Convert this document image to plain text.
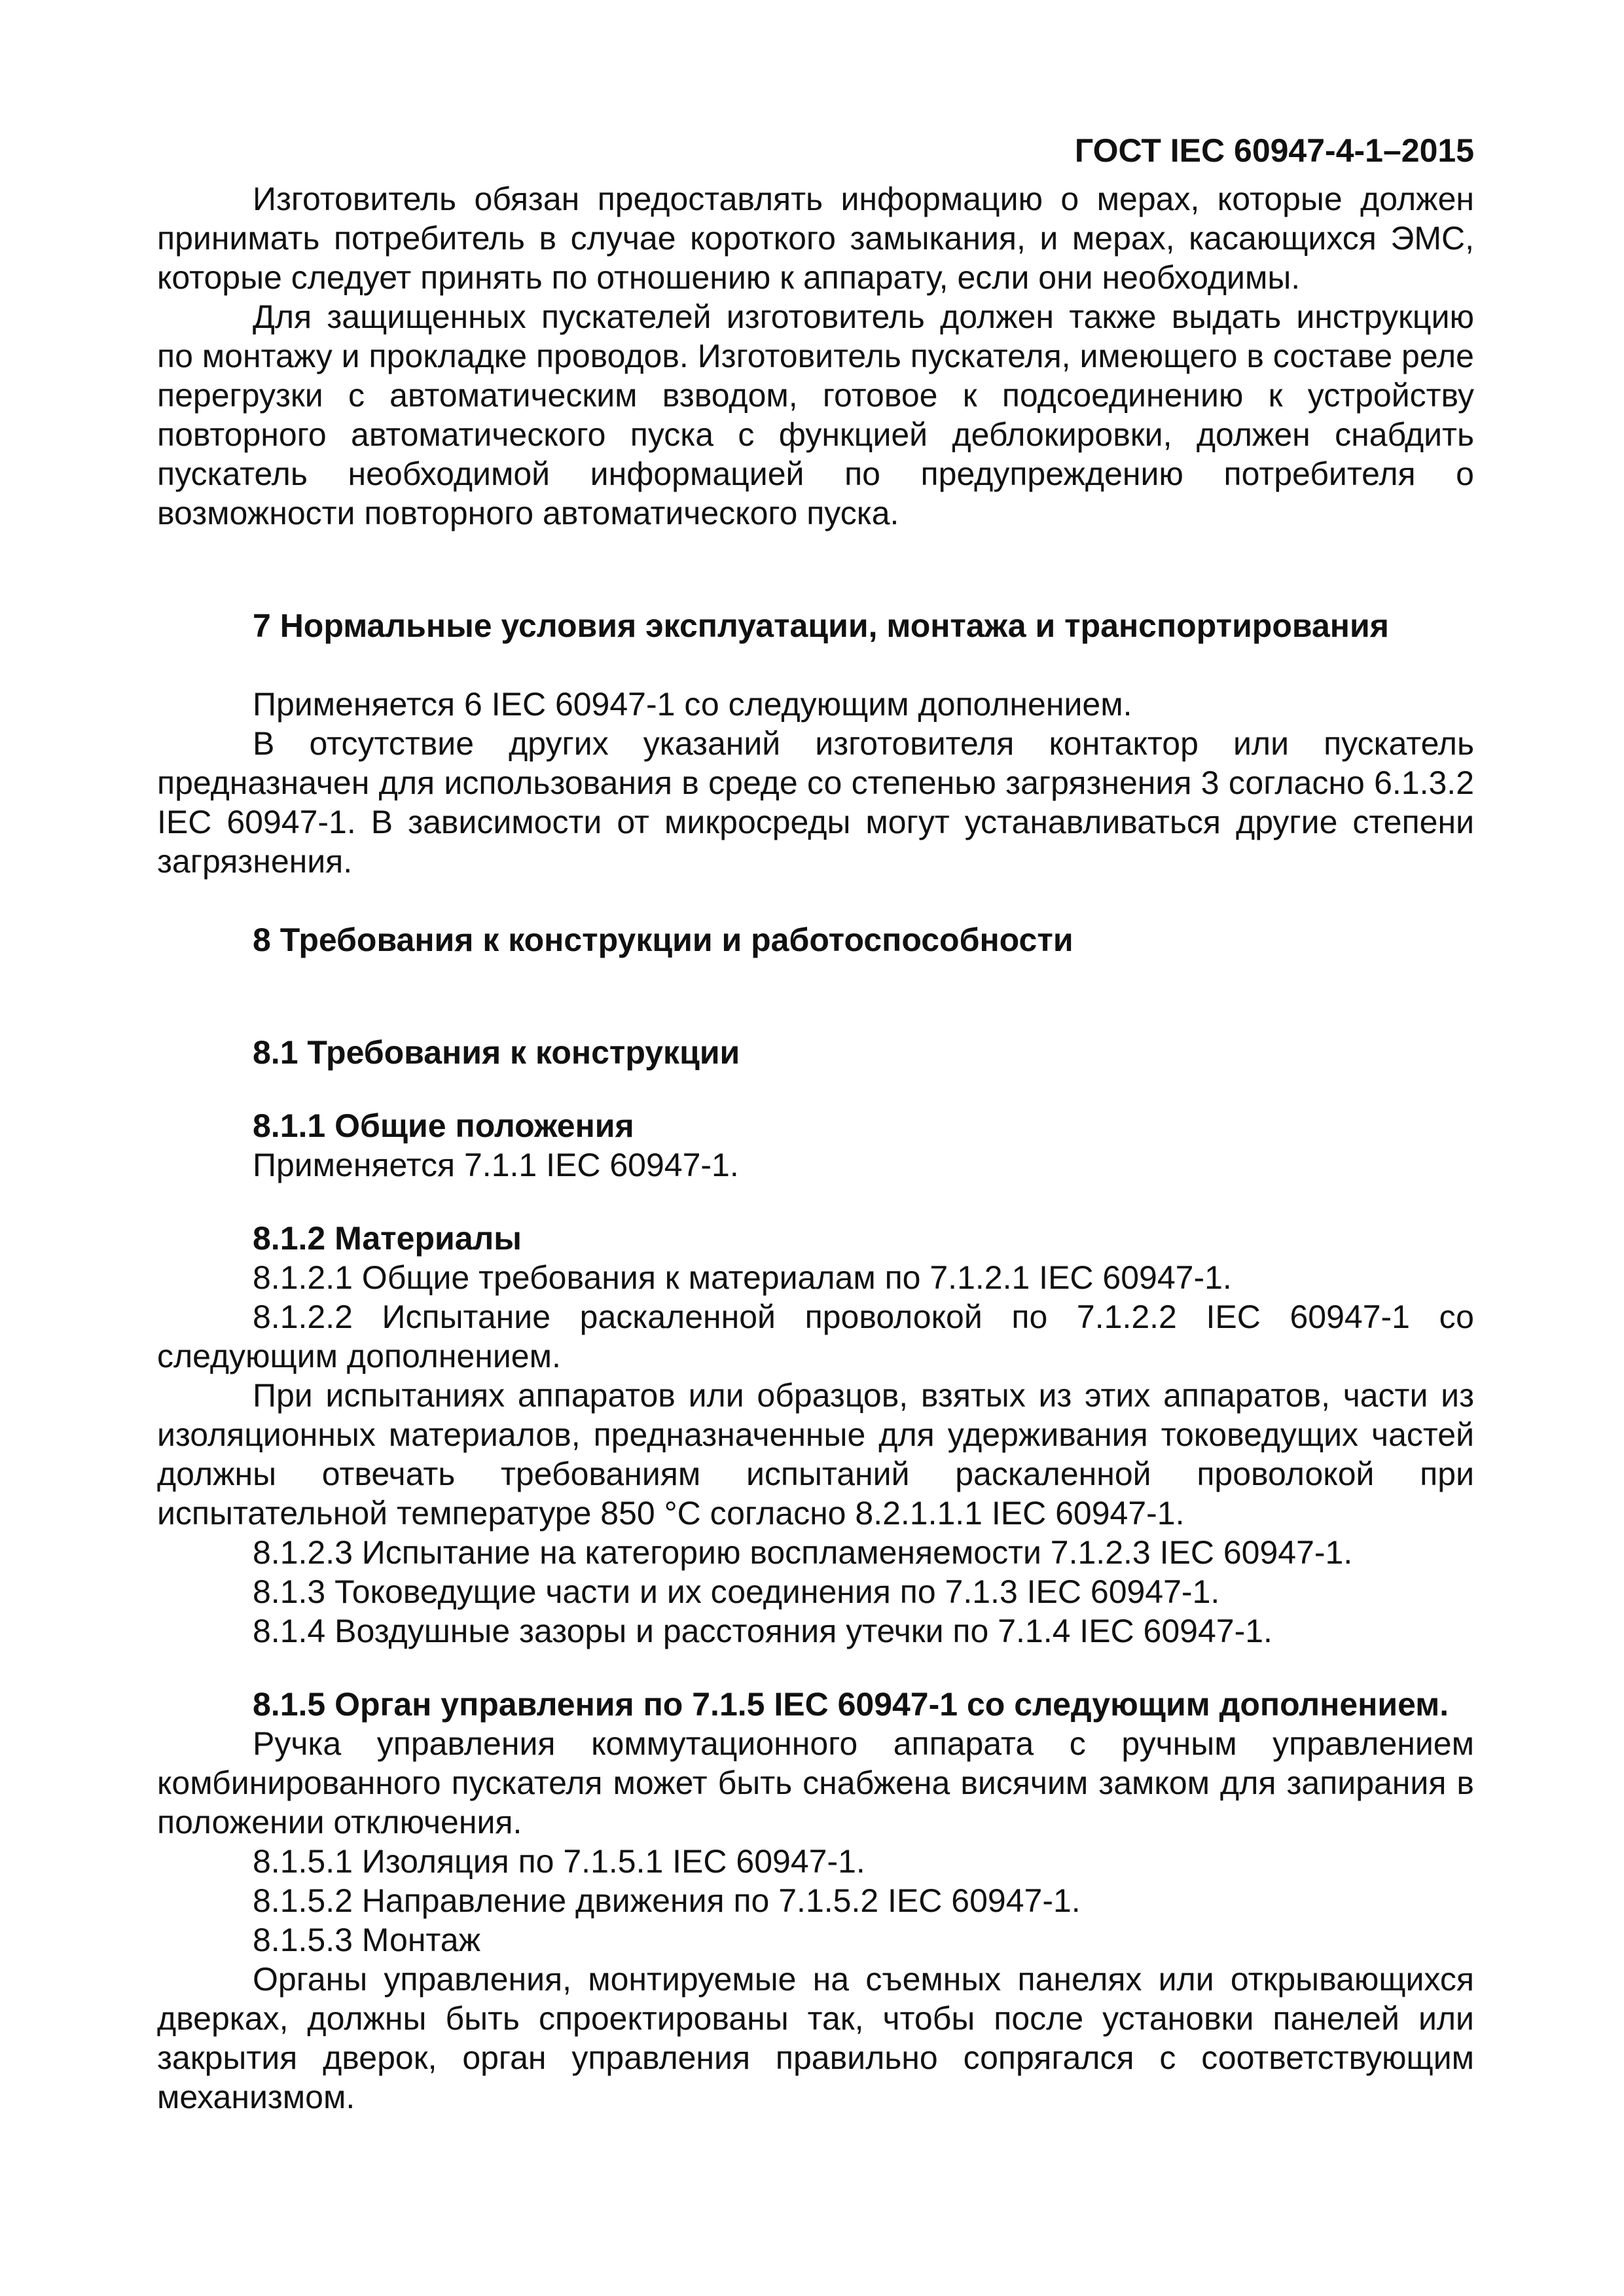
ГОСТ IEC 60947-4-1–2015

Изготовитель обязан предоставлять информацию о мерах, которые должен принимать потребитель в случае короткого замыкания, и мерах, касающихся ЭМС, которые следует принять по отношению к аппарату, если они необходимы.

Для защищенных пускателей изготовитель должен также выдать инструкцию по монтажу и прокладке проводов. Изготовитель пускателя, имеющего в составе реле перегрузки с автоматическим взводом, готовое к подсоединению к устройству повторного автоматического пуска с функцией деблокировки, должен снабдить пускатель необходимой информацией по предупреждению потребителя о возможности повторного автоматического пуска.

7 Нормальные условия эксплуатации, монтажа и транспортирования

Применяется 6 IEC 60947-1 со следующим дополнением.

В отсутствие других указаний изготовителя контактор или пускатель предназначен для использования в среде со степенью загрязнения 3 согласно 6.1.3.2 IEC 60947-1. В зависимости от микросреды могут устанавливаться другие степени загрязнения.

8 Требования к конструкции и работоспособности

8.1 Требования к конструкции

8.1.1 Общие положения

Применяется 7.1.1 IEC 60947-1.

8.1.2 Материалы

8.1.2.1 Общие требования к материалам по 7.1.2.1 IEC 60947-1.

8.1.2.2 Испытание раскаленной проволокой по 7.1.2.2 IEC 60947-1 со следующим дополнением.

При испытаниях аппаратов или образцов, взятых из этих аппаратов, части из изоляционных материалов, предназначенные для удерживания токоведущих частей должны отвечать требованиям испытаний раскаленной проволокой при испытательной температуре 850 °С согласно 8.2.1.1.1 IEC 60947-1.

8.1.2.3 Испытание на категорию воспламеняемости 7.1.2.3 IEC 60947-1.

8.1.3 Токоведущие части и их соединения по 7.1.3 IEC 60947-1.

8.1.4 Воздушные зазоры и расстояния утечки по 7.1.4 IEC 60947-1.

8.1.5 Орган управления по 7.1.5 IEC 60947-1 со следующим дополнением.

Ручка управления коммутационного аппарата с ручным управлением комбинированного пускателя может быть снабжена висячим замком для запирания в положении отключения.

8.1.5.1 Изоляция по 7.1.5.1 IEC 60947-1.

8.1.5.2 Направление движения по 7.1.5.2 IEC 60947-1.

8.1.5.3 Монтаж

Органы управления, монтируемые на съемных панелях или открывающихся дверках, должны быть спроектированы так, чтобы после установки панелей или закрытия дверок, орган управления правильно сопрягался с соответствующим механизмом.
